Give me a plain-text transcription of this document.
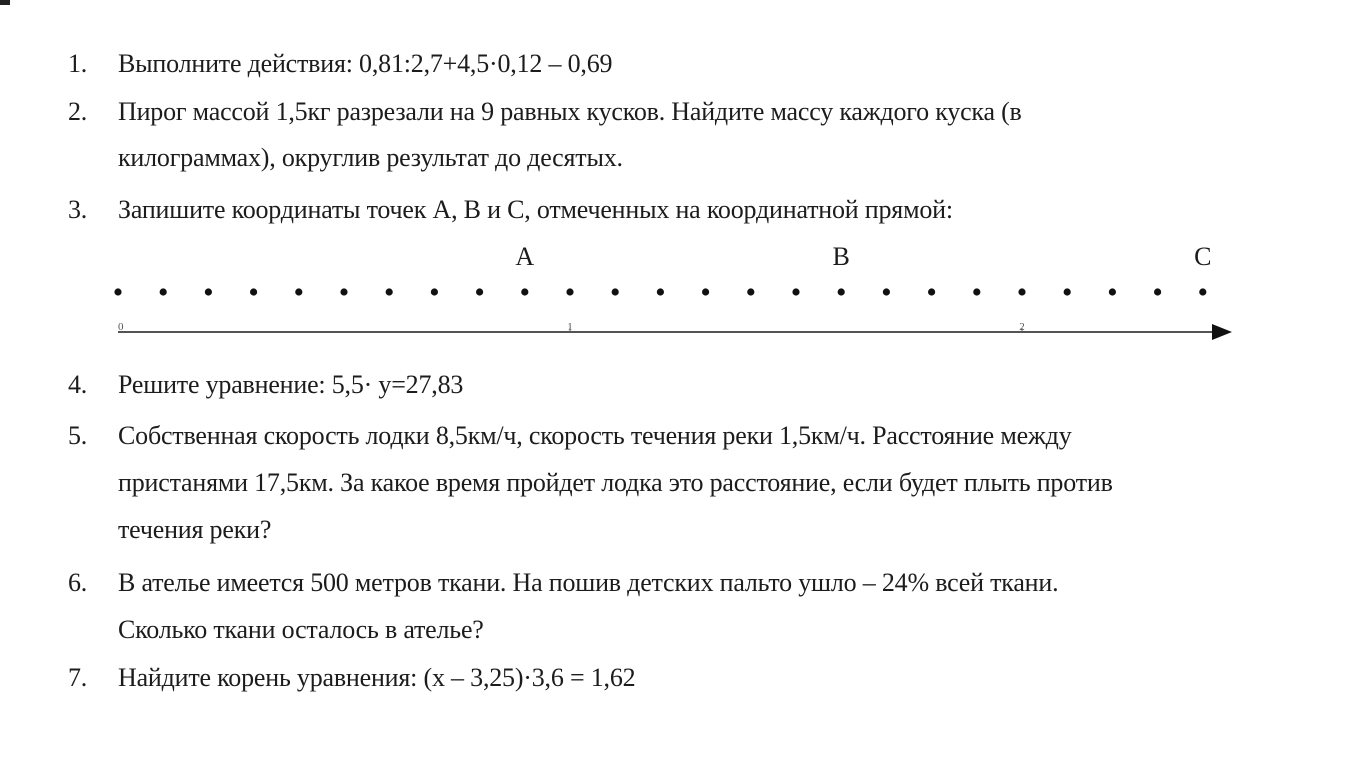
1. Выполните действия: 0,81:2,7+4,5·0,12 – 0,69
2. Пирог массой 1,5кг разрезали на 9 равных кусков. Найдите массу каждого куска (в
килограммах), округлив результат до десятых.
3. Запишите координаты точек A, B и C, отмеченных на координатной прямой:
A	B	C
0	1	2
4. Решите уравнение: 5,5· y=27,83
5. Собственная скорость лодки 8,5км/ч, скорость течения реки 1,5км/ч. Расстояние между
пристанями 17,5км. За какое время пройдет лодка это расстояние, если будет плыть против
течения реки?
6. В ателье имеется 500 метров ткани. На пошив детских пальто ушло – 24% всей ткани.
Сколько ткани осталось в ателье?
7. Найдите корень уравнения: (x – 3,25)·3,6 = 1,62
